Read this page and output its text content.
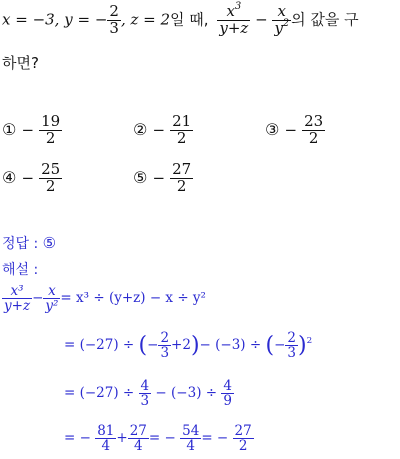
x = −3, y = − $\frac{2}{3}$ , z = 2일 때, $\frac{x^3}{y+z} - \frac{x}{y^2}$ 의 값을 구
하면?
① − $\frac{19}{2}$	② − $\frac{21}{2}$	③ − $\frac{23}{2}$
④ − $\frac{25}{2}$	⑤ − $\frac{27}{2}$
정답 : ⑤
해설 :
$\frac{\text{x³}}{y+z} - \frac{x}{\text{y²}} = x^3 \div (y+z) - x \div y^2$
= (−27) ÷ (− $\frac{2}{3} +2)- (-3)$ ÷ (− $\frac{2}{3} )^2$
= $(-27) \div \frac{4}{3} - (-3) \div \frac{4}{9}$
= − $\frac{81}{4} + \frac{27}{4}$ = − $\frac{54}{4}$ = − $\frac{27}{2}$
